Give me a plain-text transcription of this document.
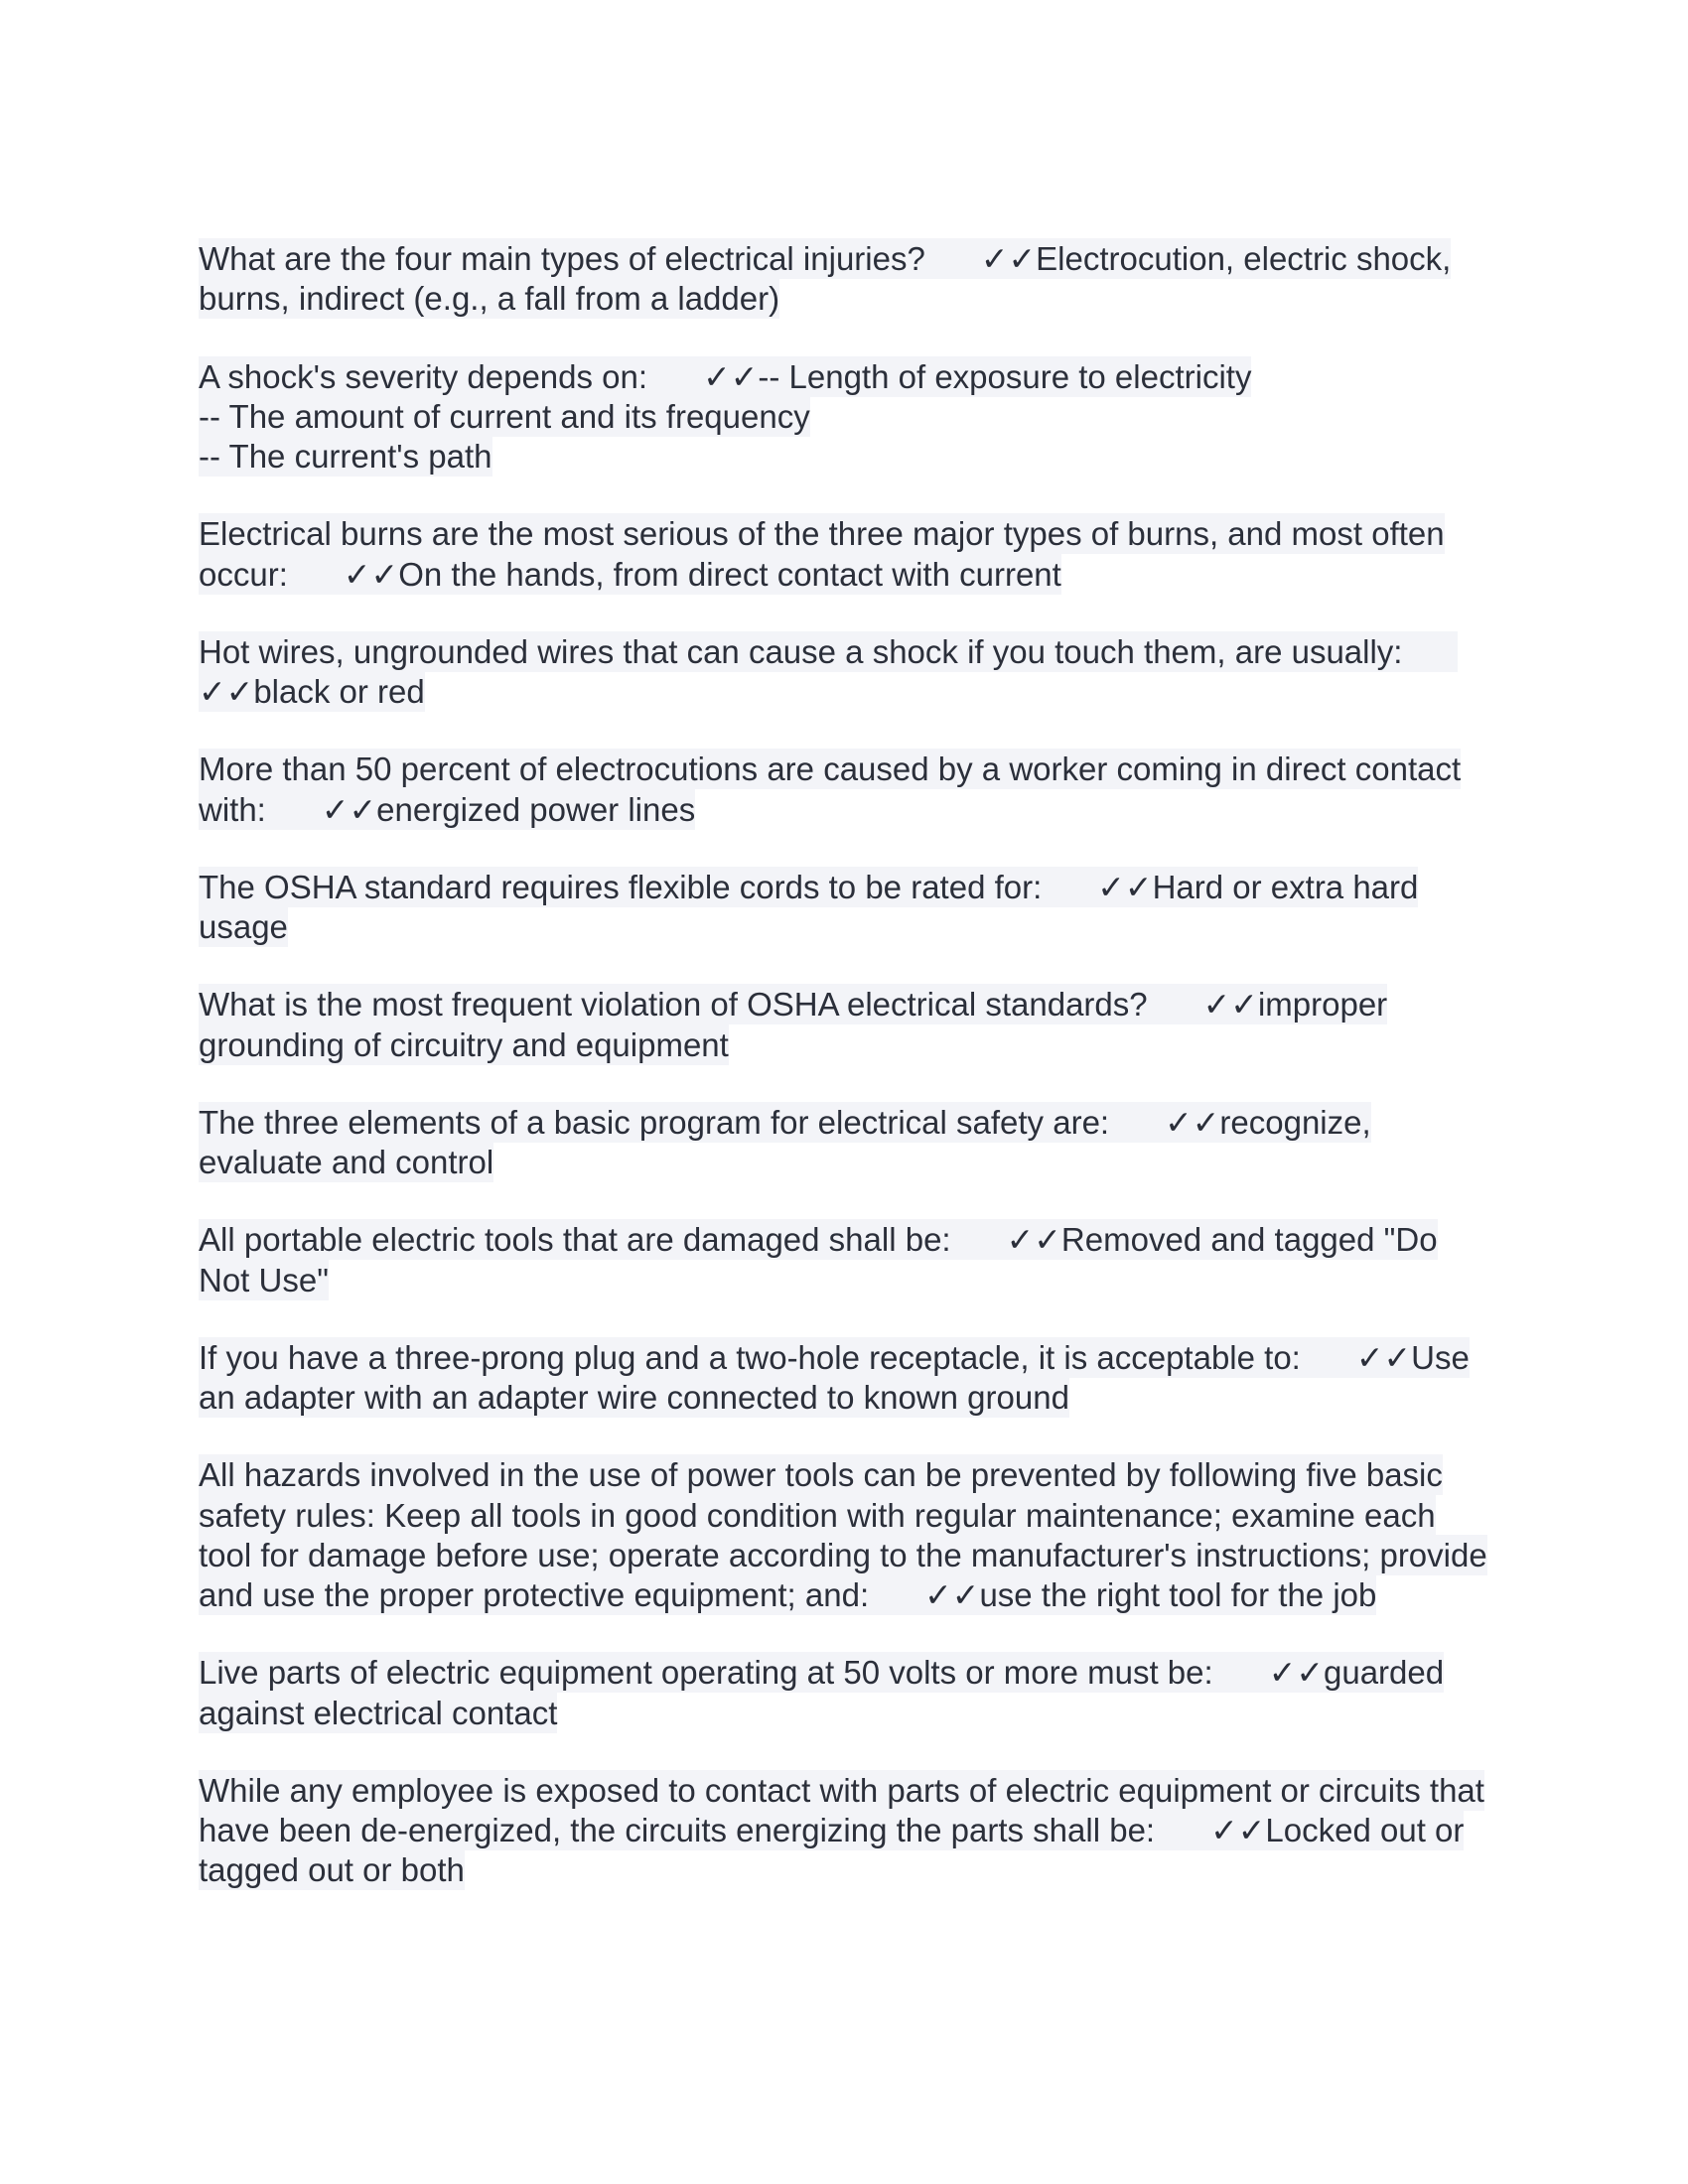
What are the four main types of electrical injuries? ✓✓Electrocution, electric shock, burns, indirect (e.g., a fall from a ladder)

A shock's severity depends on: ✓✓-- Length of exposure to electricity
-- The amount of current and its frequency
-- The current's path

Electrical burns are the most serious of the three major types of burns, and most often occur: ✓✓On the hands, from direct contact with current

Hot wires, ungrounded wires that can cause a shock if you touch them, are usually:✓✓black or red

More than 50 percent of electrocutions are caused by a worker coming in direct contact with: ✓✓energized power lines

The OSHA standard requires flexible cords to be rated for: ✓✓Hard or extra hard usage

What is the most frequent violation of OSHA electrical standards? ✓✓improper grounding of circuitry and equipment

The three elements of a basic program for electrical safety are: ✓✓recognize, evaluate and control

All portable electric tools that are damaged shall be: ✓✓Removed and tagged "Do Not Use"

If you have a three-prong plug and a two-hole receptacle, it is acceptable to: ✓✓Use an adapter with an adapter wire connected to known ground

All hazards involved in the use of power tools can be prevented by following five basic safety rules: Keep all tools in good condition with regular maintenance; examine each tool for damage before use; operate according to the manufacturer's instructions; provide and use the proper protective equipment; and: ✓✓use the right tool for the job

Live parts of electric equipment operating at 50 volts or more must be: ✓✓guarded against electrical contact

While any employee is exposed to contact with parts of electric equipment or circuits that have been de-energized, the circuits energizing the parts shall be: ✓✓Locked out or tagged out or both
